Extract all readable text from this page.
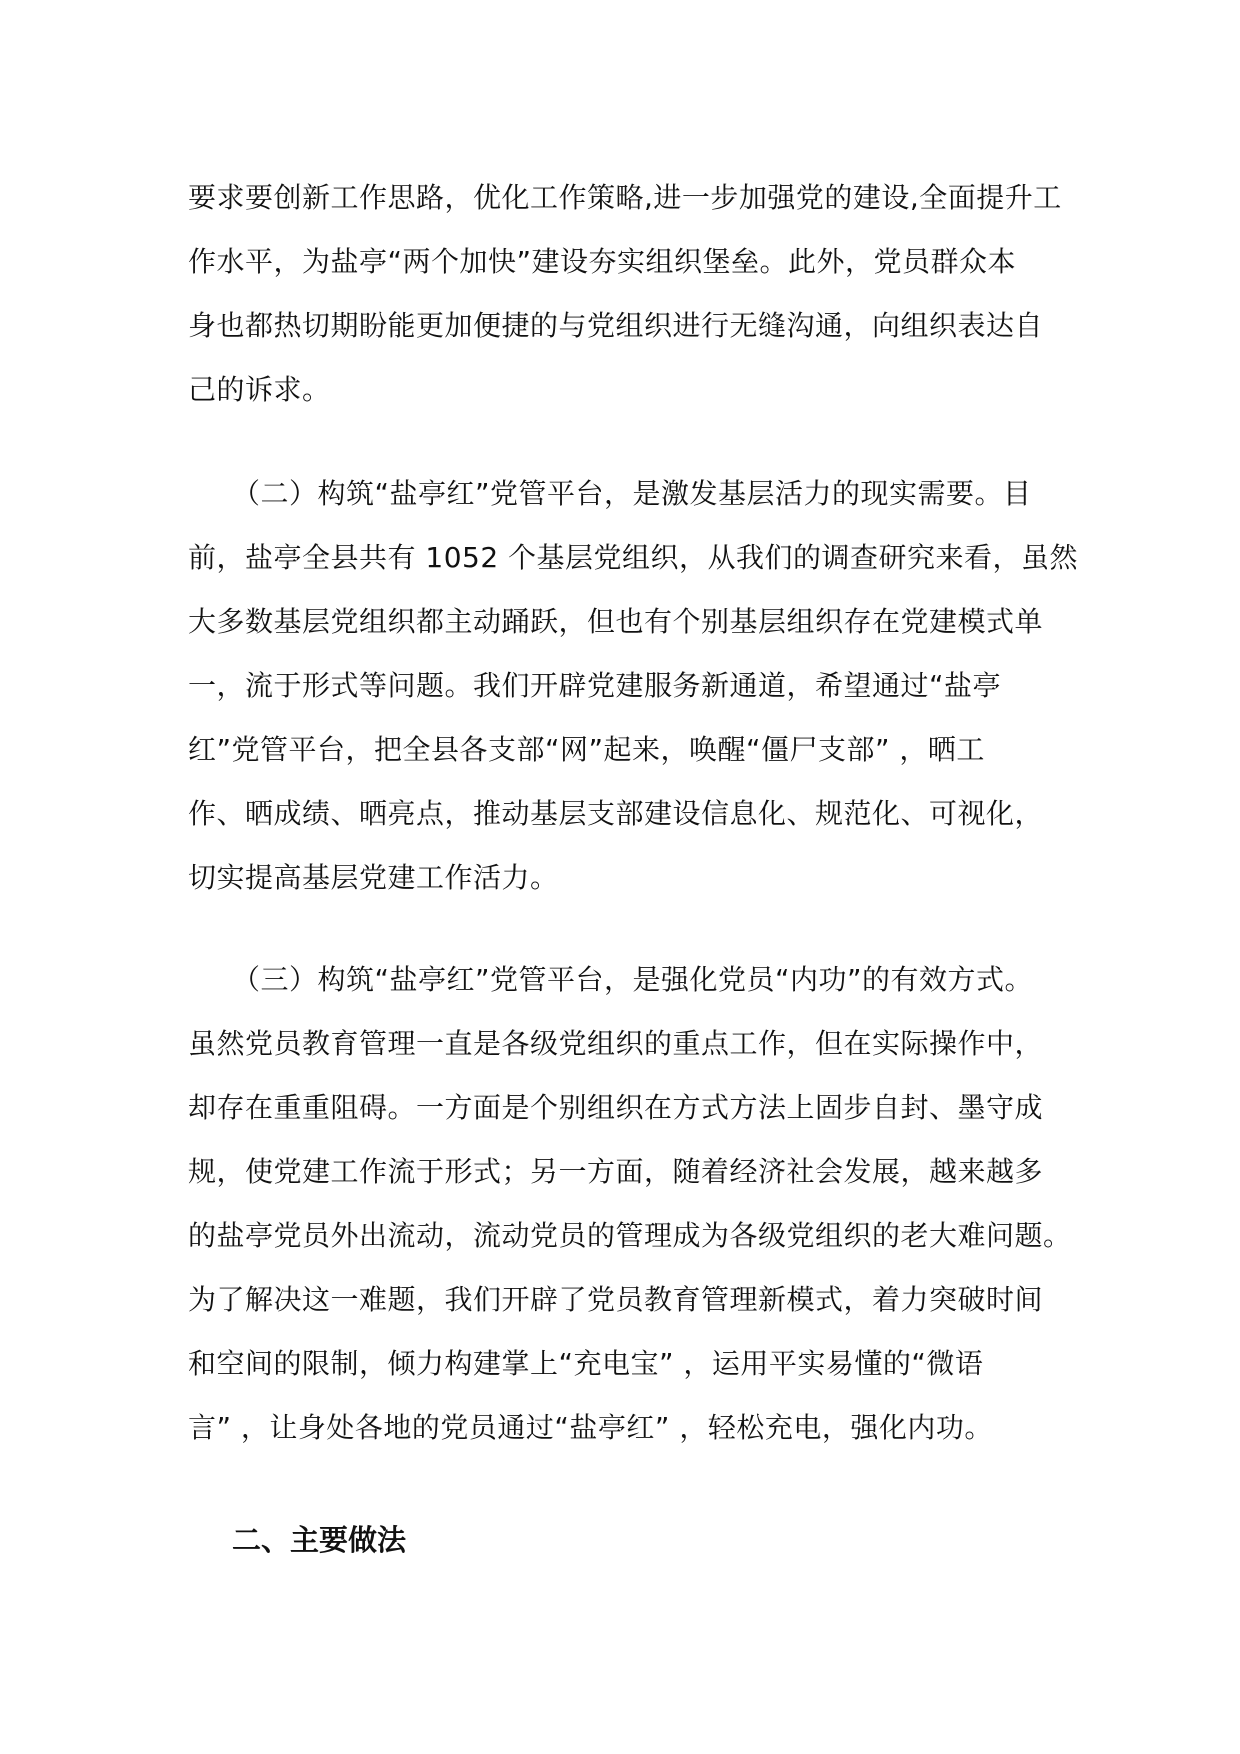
要求要创新工作思路，优化工作策略,进一步加强党的建设,全面提升工
作水平，为盐亭“两个加快”建设夯实组织堡垒。此外，党员群众本
身也都热切期盼能更加便捷的与党组织进行无缝沟通，向组织表达自
己的诉求。
（二）构筑“盐亭红”党管平台，是激发基层活力的现实需要。目
前，盐亭全县共有 1052 个基层党组织，从我们的调查研究来看，虽然
大多数基层党组织都主动踊跃，但也有个别基层组织存在党建模式单
一，流于形式等问题。我们开辟党建服务新通道，希望通过“盐亭
红”党管平台，把全县各支部“网”起来，唤醒“僵尸支部” ，晒工
作、晒成绩、晒亮点，推动基层支部建设信息化、规范化、可视化，
切实提高基层党建工作活力。
（三）构筑“盐亭红”党管平台，是强化党员“内功”的有效方式。
虽然党员教育管理一直是各级党组织的重点工作，但在实际操作中，
却存在重重阻碍。一方面是个别组织在方式方法上固步自封、墨守成
规，使党建工作流于形式；另一方面，随着经济社会发展，越来越多
的盐亭党员外出流动，流动党员的管理成为各级党组织的老大难问题。
为了解决这一难题，我们开辟了党员教育管理新模式，着力突破时间
和空间的限制，倾力构建掌上“充电宝” ，运用平实易懂的“微语
言” ，让身处各地的党员通过“盐亭红” ，轻松充电，强化内功。
二、主要做法
